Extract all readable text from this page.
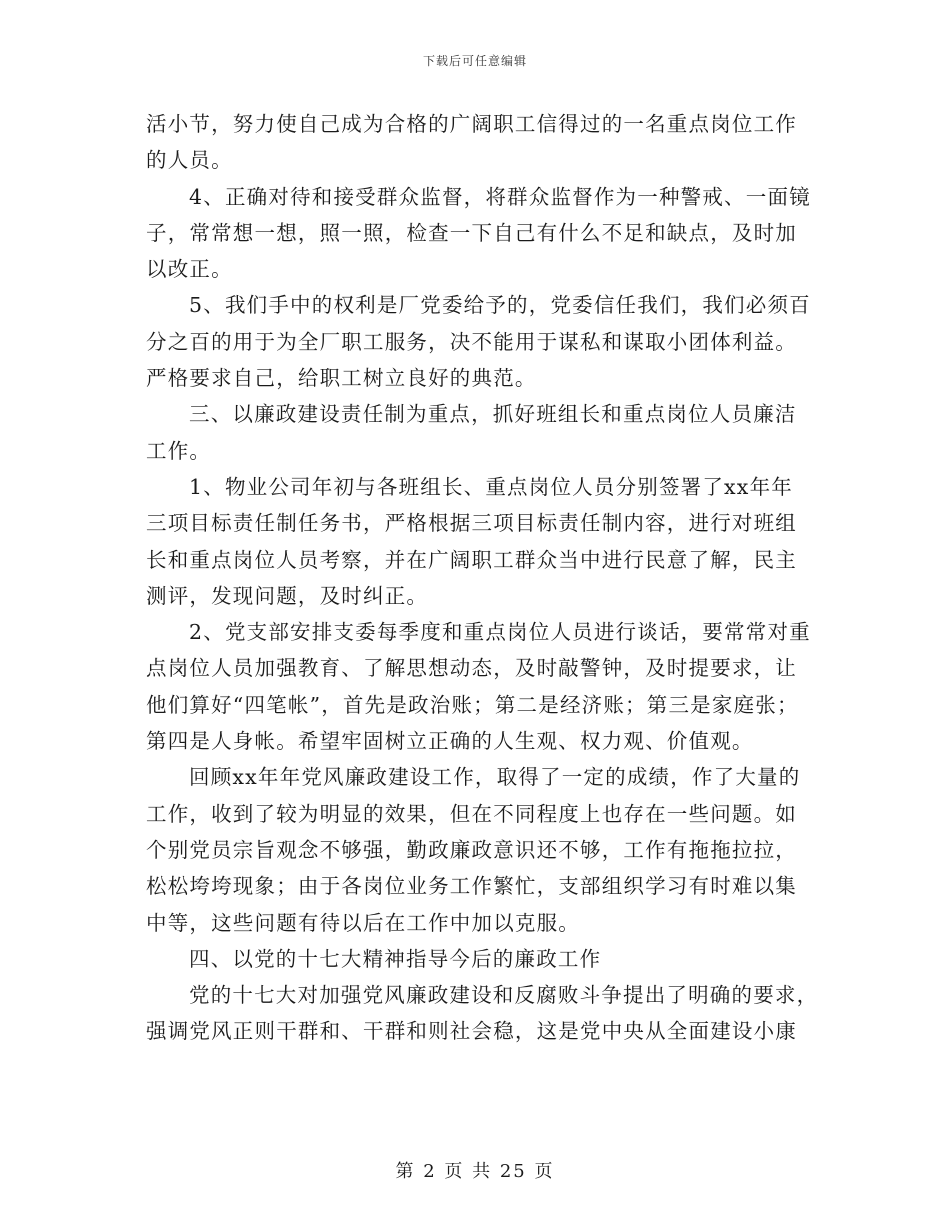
下载后可任意编辑
活小节，努力使自己成为合格的广阔职工信得过的一名重点岗位工作
的人员。
4、正确对待和接受群众监督，将群众监督作为一种警戒、一面镜
子，常常想一想，照一照，检查一下自己有什么不足和缺点，及时加
以改正。
5、我们手中的权利是厂党委给予的，党委信任我们，我们必须百
分之百的用于为全厂职工服务，决不能用于谋私和谋取小团体利益。
严格要求自己，给职工树立良好的典范。
三、以廉政建设责任制为重点，抓好班组长和重点岗位人员廉洁
工作。
1、物业公司年初与各班组长、重点岗位人员分别签署了xx年年
三项目标责任制任务书，严格根据三项目标责任制内容，进行对班组
长和重点岗位人员考察，并在广阔职工群众当中进行民意了解，民主
测评，发现问题，及时纠正。
2、党支部安排支委每季度和重点岗位人员进行谈话，要常常对重
点岗位人员加强教育、了解思想动态，及时敲警钟，及时提要求，让
他们算好“四笔帐”，首先是政治账；第二是经济账；第三是家庭张；
第四是人身帐。希望牢固树立正确的人生观、权力观、价值观。
回顾xx年年党风廉政建设工作，取得了一定的成绩，作了大量的
工作，收到了较为明显的效果，但在不同程度上也存在一些问题。如
个别党员宗旨观念不够强，勤政廉政意识还不够，工作有拖拖拉拉，
松松垮垮现象；由于各岗位业务工作繁忙，支部组织学习有时难以集
中等，这些问题有待以后在工作中加以克服。
四、以党的十七大精神指导今后的廉政工作
党的十七大对加强党风廉政建设和反腐败斗争提出了明确的要求，
强调党风正则干群和、干群和则社会稳，这是党中央从全面建设小康
第 2 页 共 25 页
